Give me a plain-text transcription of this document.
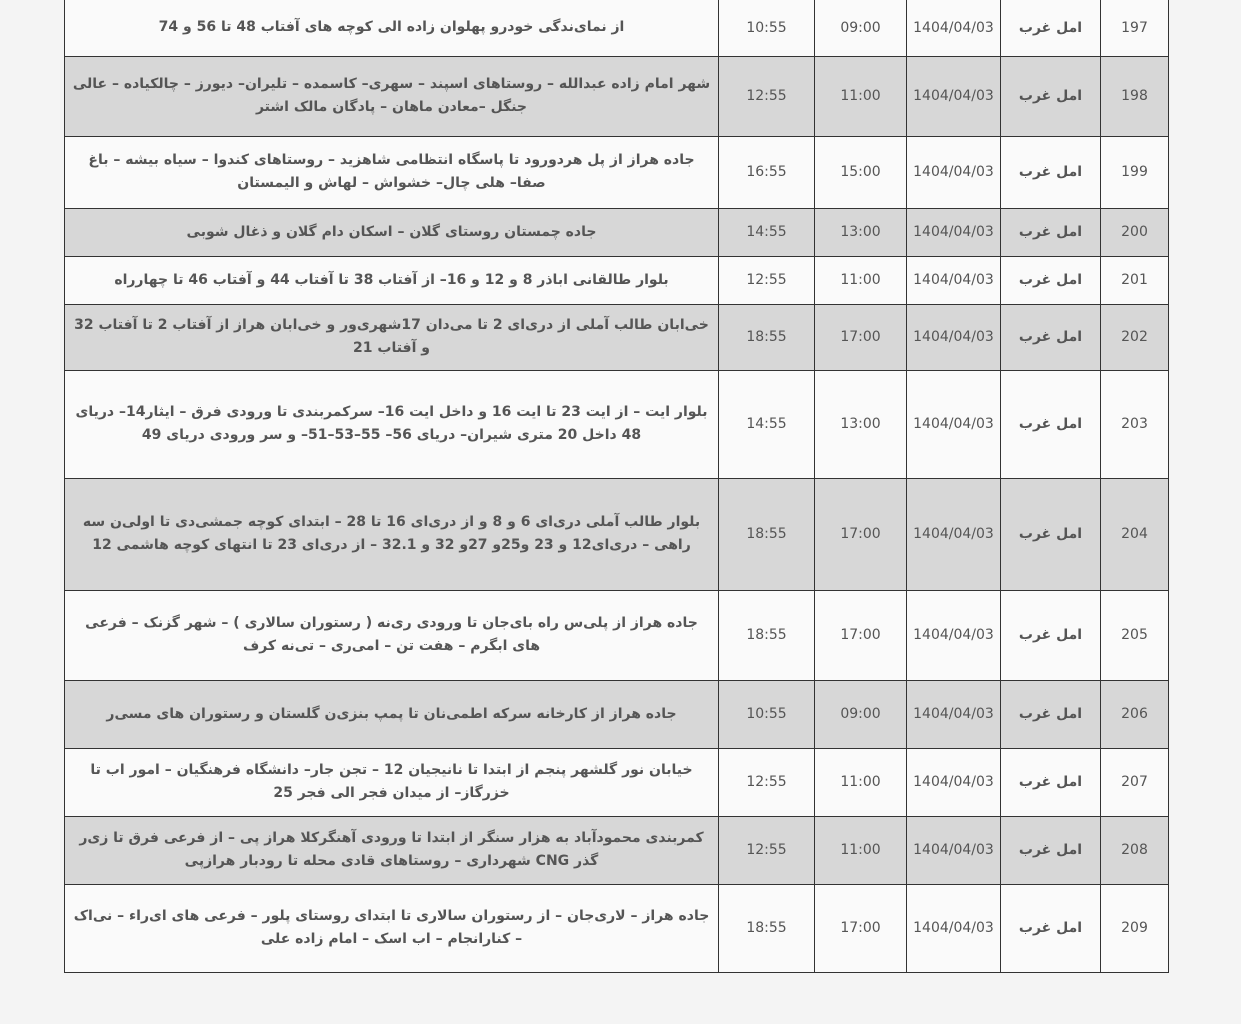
از نمای‌ندگی خودرو پهلوان زاده الی کوچه های آفتاب 48 تا 56 و 74	10:55	09:00	1404/04/03	امل غرب	197
شهر امام زاده عبدالله – روستاهای اسپند – سهری– کاسمده – تلیران– دیورز – چالکیاده – عالی جنگل –معادن ماهان – پادگان مالک اشتر	12:55	11:00	1404/04/03	امل غرب	198
جاده هراز از پل هردورود تا پاسگاه انتظامی شاهزید – روستاهای کندوا – سیاه بیشه – باغ صفا– هلی چال– خشواش – لهاش و الیمستان	16:55	15:00	1404/04/03	امل غرب	199
جاده چمستان روستای گلان – اسکان دام گلان و ذغال شوبی	14:55	13:00	1404/04/03	امل غرب	200
بلوار طالقانی اباذر 8 و 12 و 16– از آفتاب 38 تا آفتاب 44 و آفتاب 46 تا چهارراه	12:55	11:00	1404/04/03	امل غرب	201
خی‌ابان طالب آملی از دری‌ای 2 تا می‌دان 17شهری‌ور و خی‌ابان هراز از آفتاب 2 تا آفتاب 32 و آفتاب 21	18:55	17:00	1404/04/03	امل غرب	202
بلوار ایت – از ایت 23 تا ایت 16 و داخل ایت 16– سرکمربندی تا ورودی فرق – ایثار14– دریای 48 داخل 20 متری شیران– دریای 56– 55–53–51– و سر ورودی دریای 49	14:55	13:00	1404/04/03	امل غرب	203
بلوار طالب آملی دری‌ای 6 و 8 و از دری‌ای 16 تا 28 – ابتدای کوچه جمشی‌دی تا اولی‌ن سه راهی – دری‌ای12 و 23 و25و 27و 32 و 32.1 – از دری‌ای 23 تا انتهای کوچه هاشمی 12	18:55	17:00	1404/04/03	امل غرب	204
جاده هراز از پلی‌س راه بای‌جان تا ورودی ری‌نه ( رستوران سالاری ) – شهر گزنک – فرعی های ابگرم – هفت تن – امی‌ری – تی‌نه کرف	18:55	17:00	1404/04/03	امل غرب	205
جاده هراز از کارخانه سرکه اطمی‌نان تا پمپ بنزی‌ن گلستان و رستوران های مسی‌ر	10:55	09:00	1404/04/03	امل غرب	206
خیابان نور گلشهر پنجم از ابتدا تا نانیجیان 12 – تجن جار– دانشگاه فرهنگیان – امور اب تا خزرگاز– از میدان فجر الی فجر 25	12:55	11:00	1404/04/03	امل غرب	207
کمربندی محمودآباد به هزار سنگر از ابتدا تا ورودی آهنگرکلا هراز پی – از فرعی فرق تا زی‌ر گذر CNG شهرداری – روستاهای قادی محله تا رودبار هرازپی	12:55	11:00	1404/04/03	امل غرب	208
جاده هراز – لاری‌جان – از رستوران سالاری تا ابتدای روستای پلور – فرعی های ای‌راء – نی‌اک – کنارانجام – اب اسک – امام زاده علی	18:55	17:00	1404/04/03	امل غرب	209
